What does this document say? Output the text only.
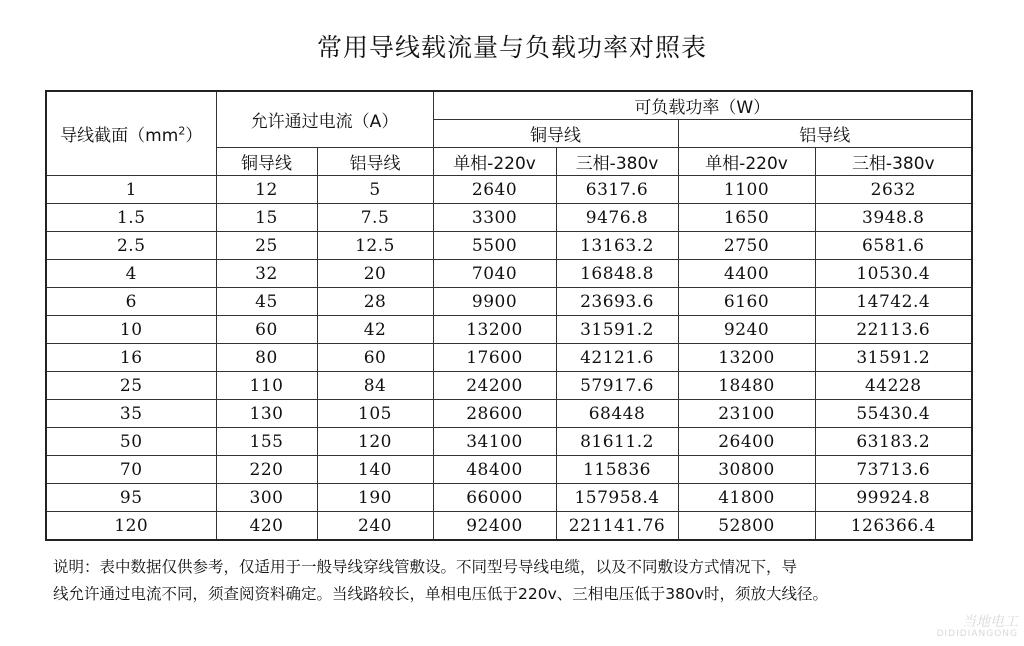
常用导线载流量与负载功率对照表
导线截面$(mm^2)$	允许通过电流（A）		可负载功率（W）			
			铜导线		铝导线	
	铜导线	铝导线	单相-220v	三相-380v	单相-220v	三相-380v
1	12	5	2640	6317.6	1100	2632
1.5	15	7.5	3300	9476.8	1650	3948.8
2.5	25	12.5	5500	13163.2	2750	6581.6
4	32	20	7040	16848.8	4400	10530.4
6	45	28	9900	23693.6	6160	14742.4
10	60	42	13200	31591.2	9240	22113.6
16	80	60	17600	42121.6	13200	31591.2
25	110	84	24200	57917.6	18480	44228
35	130	105	28600	68448	23100	55430.4
50	155	120	34100	81611.2	26400	63183.2
70	220	140	48400	115836	30800	73713.6
95	300	190	66000	157958.4	41800	99924.8
120	420	240	92400	221141.76	52800	126366.4
说明：表中数据仅供参考，仅适用于一般导线穿线管敷设。不同型号导线电缆，以及不同敷设方式情况下，导
线允许通过电流不同，须查阅资料确定。当线路较长，单相电压低于220v、三相电压低于380v时，须放大线径。
当地电工
DIDIDIANGONG
